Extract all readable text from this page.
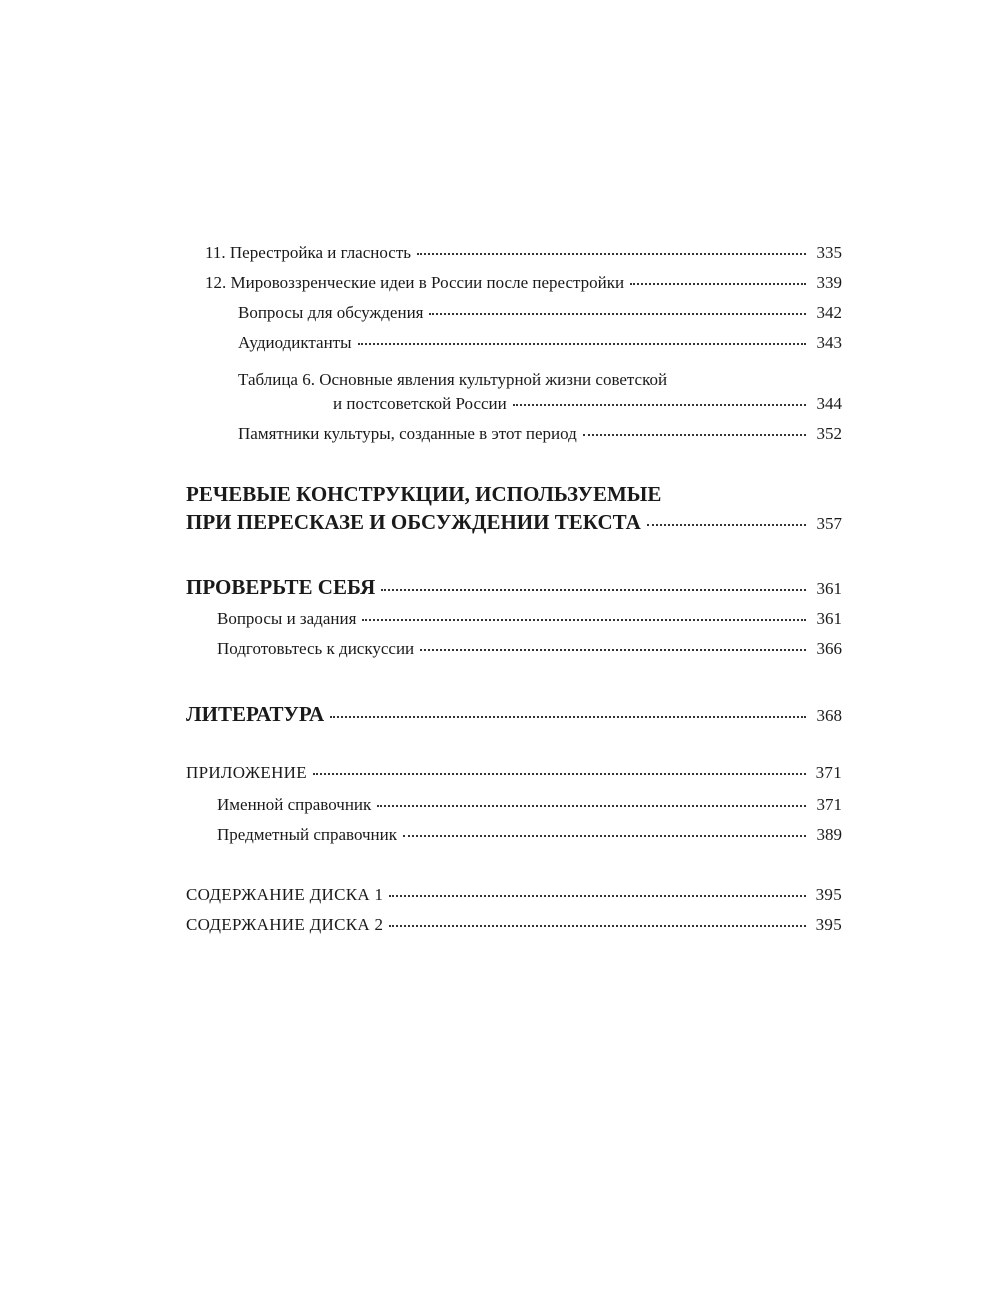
11. Перестройка и гласность	335
12. Мировоззренческие идеи в России после перестройки	339
Вопросы для обсуждения	342
Аудиодиктанты	343
Таблица 6. Основные явления культурной жизни советской
и постсоветской России	344
Памятники культуры, созданные в этот период	352
РЕЧЕВЫЕ КОНСТРУКЦИИ, ИСПОЛЬЗУЕМЫЕ
ПРИ ПЕРЕСКАЗЕ И ОБСУЖДЕНИИ ТЕКСТА	357
ПРОВЕРЬТЕ СЕБЯ	361
Вопросы и задания	361
Подготовьтесь к дискуссии	366
ЛИТЕРАТУРА	368
ПРИЛОЖЕНИЕ	371
Именной справочник	371
Предметный справочник	389
СОДЕРЖАНИЕ ДИСКА 1	395
СОДЕРЖАНИЕ ДИСКА 2	395
